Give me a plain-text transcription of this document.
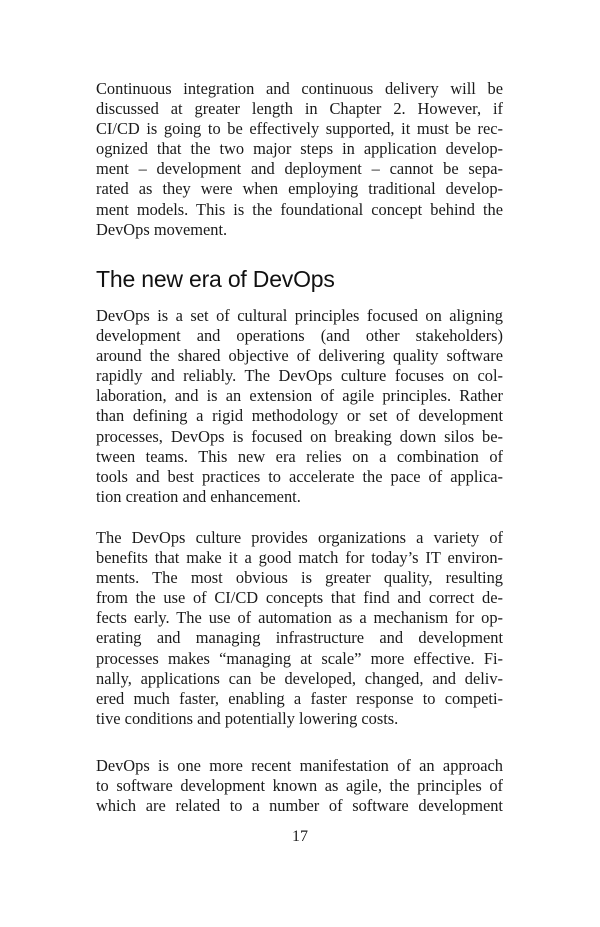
Continuous integration and continuous delivery will be
discussed at greater length in Chapter 2. However, if
CI/CD is going to be effectively supported, it must be rec-
ognized that the two major steps in application develop-
ment – development and deployment – cannot be sepa-
rated as they were when employing traditional develop-
ment models. This is the foundational concept behind the
DevOps movement.
The new era of DevOps
DevOps is a set of cultural principles focused on aligning
development and operations (and other stakeholders)
around the shared objective of delivering quality software
rapidly and reliably. The DevOps culture focuses on col-
laboration, and is an extension of agile principles. Rather
than defining a rigid methodology or set of development
processes, DevOps is focused on breaking down silos be-
tween teams. This new era relies on a combination of
tools and best practices to accelerate the pace of applica-
tion creation and enhancement.
The DevOps culture provides organizations a variety of
benefits that make it a good match for today’s IT environ-
ments. The most obvious is greater quality, resulting
from the use of CI/CD concepts that find and correct de-
fects early. The use of automation as a mechanism for op-
erating and managing infrastructure and development
processes makes “managing at scale” more effective. Fi-
nally, applications can be developed, changed, and deliv-
ered much faster, enabling a faster response to competi-
tive conditions and potentially lowering costs.
DevOps is one more recent manifestation of an approach
to software development known as agile, the principles of
which are related to a number of software development
17
